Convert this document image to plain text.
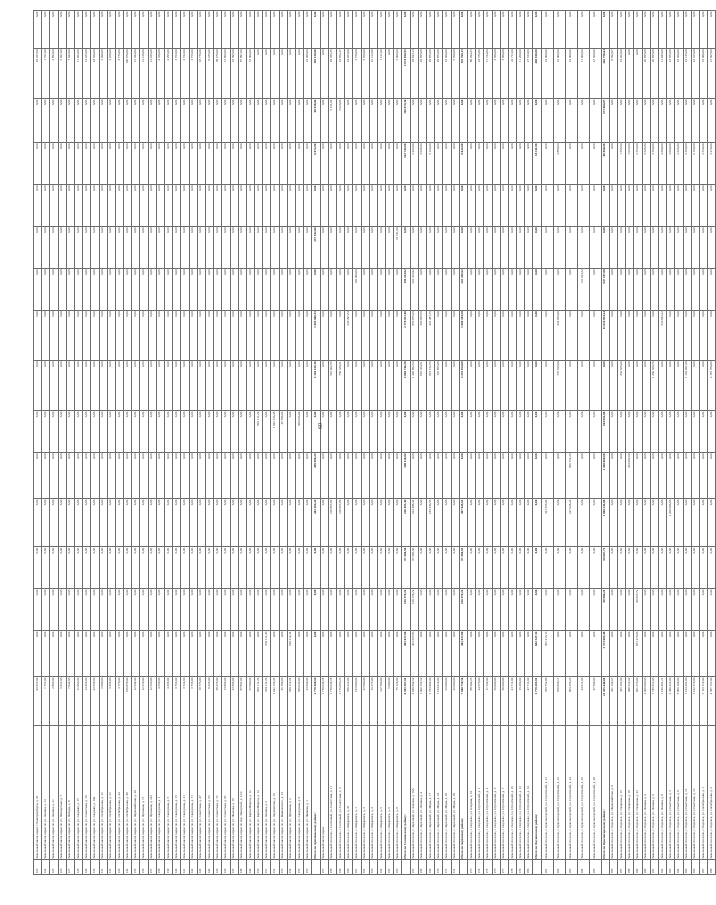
123	Земельный налог вадал г. Екатеринбурга, д. 41	93 457,00	0,00	0,00	0,00	0,00	0,00	0,00	0,00	0,00	0,00	0,00	0,00	0,00	0,00	93 457,00	0,00
124	Земельный налог вадал по ул. Ленина, д. 13	1 761,00	0,00	0,00	0,00	0,00	0,00	0,00	0,00	0,00	0,00	0,00	0,00	0,00	0,00	1 761,00	0,00
125	Земельный налог вадал по ул. Ленина, д. 21	2 893,00	0,00	0,00	0,00	0,00	0,00	0,00	0,00	0,00	0,00	0,00	0,00	0,00	0,00	2 893,00	0,00
126	Земельный налог вадал по ул. Пионерская, д. 7	5 061,00	0,00	0,00	0,00	0,00	0,00	0,00	0,00	0,00	0,00	0,00	0,00	0,00	0,00	5 061,00	0,00
127	Земельный налог вадал по ул. Победы, д. 9	7 042,00	0,00	0,00	0,00	0,00	0,00	0,00	0,00	0,00	0,00	0,00	0,00	0,00	0,00	7 042,00	0,00
128	Земельный налог вадал по ул. Садовая, д. 15	11 963,00	0,00	0,00	0,00	0,00	0,00	0,00	0,00	0,00	0,00	0,00	0,00	0,00	0,00	11 963,00	0,00
129	Земельный налог вадал по ул. Советская, д. 10	14 465,00	0,00	0,00	0,00	0,00	0,00	0,00	0,00	0,00	0,00	0,00	0,00	0,00	0,00	14 465,00	0,00
130	Земельный налог вадал по ул. Садовая, д. 19а	43 560,00	0,00	0,00	0,00	0,00	0,00	0,00	0,00	0,00	0,00	0,00	0,00	0,00	0,00	43 560,00	0,00
131	Земельный налог вадал по ул. Октябрьская, д. 12	2 690,00	0,00	0,00	0,00	0,00	0,00	0,00	0,00	0,00	0,00	0,00	0,00	0,00	0,00	2 690,00	0,00
132	Земельный налог вадал по ул. Октябрьская, д. 22	3 450,00	0,00	0,00	0,00	0,00	0,00	0,00	0,00	0,00	0,00	0,00	0,00	0,00	0,00	3 450,00	0,00
133	Земельный налог вадал по ул. Октябрьская, д. 44	3 776,00	0,00	0,00	0,00	0,00	0,00	0,00	0,00	0,00	0,00	0,00	0,00	0,00	0,00	3 776,00	0,00
134	Земельный налог вадал по ул. Октябрьская, д. 48	106 879,00	0,00	0,00	0,00	0,00	0,00	0,00	0,00	0,00	0,00	0,00	0,00	0,00	0,00	106 879,00	0,00
135	Земельный налог вадал по ул. Первомайская, д. 29	12 644,00	0,00	0,00	0,00	0,00	0,00	0,00	0,00	0,00	0,00	0,00	0,00	0,00	0,00	12 644,00	0,00
136	Земельный налог вадал по ул. Пушкина, д. 17	12 219,00	0,00	0,00	0,00	0,00	0,00	0,00	0,00	0,00	0,00	0,00	0,00	0,00	0,00	12 219,00	0,00
137	Земельный налог вадал по ул. Пушкина, д. 223	12 266,00	0,00	0,00	0,00	0,00	0,00	0,00	0,00	0,00	0,00	0,00	0,00	0,00	0,00	12 266,00	0,00
138	Земельный налог вадал по ул. Свердлова, д. 1	4 350,00	0,00	0,00	0,00	0,00	0,00	0,00	0,00	0,00	0,00	0,00	0,00	0,00	0,00	4 350,00	0,00
139	Земельный налог вадал по ул. Свердлова, д. 5	4 295,00	0,00	0,00	0,00	0,00	0,00	0,00	0,00	0,00	0,00	0,00	0,00	0,00	0,00	4 295,00	0,00
140	Земельный налог вадал по ул. Свердлова, д. 15	3 763,00	0,00	0,00	0,00	0,00	0,00	0,00	0,00	0,00	0,00	0,00	0,00	0,00	0,00	3 763,00	0,00
141	Земельный налог вадал по ул. Свердлова, д. 21	3 722,00	0,00	0,00	0,00	0,00	0,00	0,00	0,00	0,00	0,00	0,00	0,00	0,00	0,00	3 722,00	0,00
142	Земельный налог вадал по ул. Свердлова, д. 71	3 755,00	0,00	0,00	0,00	0,00	0,00	0,00	0,00	0,00	0,00	0,00	0,00	0,00	0,00	3 755,00	0,00
143	Земельный налог вадал по ул. Советская, д. 47	18 776,00	0,00	0,00	0,00	0,00	0,00	0,00	0,00	0,00	0,00	0,00	0,00	0,00	0,00	18 776,00	0,00
144	Земельный налог вадал по ул. Советская, д. 63	8 435,00	0,00	0,00	0,00	0,00	0,00	0,00	0,00	0,00	0,00	0,00	0,00	0,00	0,00	8 435,00	0,00
145	Земельный налог вадал по ул. Советская, д. 72	38 476,00	0,00	0,00	0,00	0,00	0,00	0,00	0,00	0,00	0,00	0,00	0,00	0,00	0,00	38 476,00	0,00
146	Земельный налог вадал по ул. Советская, д. 82	13 800,00	0,00	0,00	0,00	0,00	0,00	0,00	0,00	0,00	0,00	0,00	0,00	0,00	0,00	13 800,00	0,00
147	Земельный налог вадал по ул. Чкалова, д. 10	23 695,00	0,00	0,00	0,00	0,00	0,00	0,00	0,00	0,00	0,00	0,00	0,00	0,00	0,00	23 695,00	0,00
148	Земельный налог вадал по пер. Заводской, д. 12/4	87 991,00	0,00	0,00	0,00	0,00	0,00	0,00	0,00	0,00	0,00	0,00	0,00	0,00	0,00	87 991,00	0,00
149	Земельный налог вадал по ул. Карла Маркса, д. 12	67 000,00	0,00	0,00	0,00	0,00	0,00	0,00	0,00	0,00	0,00	0,00	0,00	0,00	0,00	67 000,00	0,00
150	Земельный налог вадал по ул. Карла Маркса, д. 14	803 111,20	0,00	0,00	0,00	0,00	0,00	803 111,20	0,00	0,00	0,00	0,00	0,00	0,00	0,00	0,00	0,00
151	Земельный налог вадал по ул. Ленина, д. 6	654 111,20	654 111,20	0,00	0,00	0,00	0,00	0,00	0,00	0,00	0,00	0,00	0,00	0,00	0,00	0,00	0,00
152	Земельный налог вадал по ул. Лермонтова, д. 16	1 022 136,45	0,00	0,00	0,00	0,00	0,00	1 022 136,45	0,00	0,00	0,00	0,00	0,00	0,00	0,00	0,00	0,00
153	Земельный налог вадал по ул. Маяковского, д. 14	45 700,00	0,00	0,00	0,00	0,00	0,00	45 700,00	0,00	0,00	0,00	0,00	0,00	0,00	0,00	0,00	0,00
154	Земельный налог вадал по ул. Пушкина, д. 2	629 112,24	629 112,24	0,00	0,00	0,00	0,00	0,00	0,00	0,00	0,00	0,00	0,00	0,00	0,00	0,00	0,00
155	Земельный налог вадал по ул. Свердлова, д. 6	500 036,00	0,00	0,00	0,00	0,00	0,00	500 036,00	0,00	0,00	0,00	0,00	0,00	0,00	0,00	0,00	0,00
156	Земельный налог вадал по ул. Чапаева, д. 1	23 069,00	0,00	0,00	0,00	0,00	0,00	0,00	0,00	0,00	0,00	0,00	0,00	0,00	0,00	23 069,00	0,00
	Итого по Артемовскому району:	2 778 568,94	0,00	0,00	0,00	442 204,24	289 998,24	0,00	2 194 120,10	1 495 960,25	0,00	237 912,69	0,00	6 072,00	68 930,00	195 130,00	0,00
157	Земельный налог вадал	1 770 045,18	0,00	0,00	0,00	0,00	0,00	0,00	0,00	0,00	0,00	0,00	0,00	0,00	0,00	0,00	0,00
158	Земельный поселок, г. Сосновый, ул. Советская, д. 11	1 770 045,18	0,00	0,00	0,00	210 867,80	0,00	0,00	510 922,56	0,00	0,00	0,00	0,00	0,00	3 151,00	29 355,35	0,00
159	Земельный поселок, г. Сосновый, ул. Советская, д. 3	1 175 063,26	0,00	0,00	0,00	210 867,80	0,00	0,00	759 330,51	0,00	0,00	0,00	0,00	0,00	3 026,00	24 852,27	0,00
160	Земельный поселок, г. Шадринск, д. 41	709 223,00	0,00	0,00	0,00	0,00	0,00	0,00	0,00	245 297,33	0,00	0,00	0,00	0,00	0,00	24 463,00	0,00
161	Земельный поселок, г. Шадринск, д. 1	163 000,00	0,00	0,00	0,00	0,00	0,00	0,00	0,00	0,00	120 000,00	0,00	0,00	0,00	0,00	3 750,00	0,00
162	Земельный поселок, г. Шадринск, д. 3	27 000,00	0,00	0,00	0,00	0,00	0,00	0,00	0,00	0,00	0,00	0,00	0,00	0,00	0,00	5 700,00	0,00
163	Земельный поселок, г. Шадринск, д. 4	16 275,00	0,00	0,00	0,00	0,00	0,00	0,00	0,00	0,00	0,00	0,00	0,00	0,00	0,00	10 212,00	0,00
164	Земельный поселок, г. Шадринск, д. 5	112 700,00	0,00	0,00	0,00	0,00	0,00	0,00	0,00	0,00	0,00	0,00	0,00	0,00	0,00	1 121,00	0,00
165	Земельный поселок, г. Шадринск, д. 6	5 000,00	0,00	0,00	0,00	0,00	0,00	0,00	0,00	0,00	0,00	0,00	0,00	0,00	0,00	0,00	0,00
166	Земельный поселок, г. Шадринск, д. 8	75 125,00	0,00	0,00	0,00	0,00	0,00	0,00	0,00	0,00	0,00	72 511,00	0,00	0,00	0,00	5 000,00	0,00
	Итого по Сосновскому району:	6 503 367,81	461 637,06	128 179,22	87 496,50	220 495,44	580 116,84	0,00	2 804 746,38	2 178 931,40	130 414,92	0,00	0,00	122 745,00	116 974,36	2 074 950,95	0,00
167	Земельный поселок, г. Заречный, ул. Кирова, д. 15А	3 039 592,52	461 637,06	128 179,22	87 496,50	223 498,42	0,00	0,00	1 493 862,53	853 876,26	225 416,92	0,00	0,00	2 443,00	0,00	29 843,13	0,00
168	Земельный поселок, г. Заречный, ул. Ленина, д. 4	1 002 152,52	0,00	0,00	0,00	0,00	0,00	0,00	825 324,51	593 826,56	0,00	0,00	0,00	3 046,00	0,00	29 855,00	0,00
169	Земельный поселок, г. Заречный, ул. Мира, д. 17	1 763 992,00	0,00	0,00	0,00	183 530,50	0,00	0,00	823 152,56	461 481,76	0,00	0,00	0,00	3 133,00	0,00	29 855,00	0,00
170	Земельный поселок, г. Заречный, ул. Мира, д. 24	1 164 014,00	0,00	0,00	0,00	0,00	0,00	0,00	110 855,00	0,00	0,00	0,00	0,00	0,00	0,00	29 855,00	0,00
171	Земельный поселок, г. Заречный, ул. Мира, д. 26	53 000,00	0,00	0,00	0,00	0,00	0,00	0,00	0,00	0,00	0,00	0,00	0,00	0,00	0,00	10 600,00	0,00
172	Земельный поселок, г. Заречный, ул. Мира, д. 29	26 000,00	0,00	0,00	0,00	0,00	0,00	0,00	0,00	0,00	0,00	0,00	0,00	0,00	0,00	5 700,00	0,00
	Итого по Заречному району:	7 048 758,56	461 637,06	128 179,22	87 496,50	407 028,92	0,00	0,00	3 253 194,60	1 909 184,58	225 416,92	0,00	0,00	8 622,00	0,00	135 708,13	0,00
173	Земельный поселок, г. Окунево, ул. Озерная, д. 10	88 294,25	0,00	0,00	0,00	0,00	0,00	0,00	0,00	0,00	0,00	0,00	0,00	0,00	0,00	88 294,25	0,00
174	Земельный поселок, г. Окунево, ул. Строителей, д. 1	24 576,00	0,00	0,00	0,00	0,00	0,00	0,00	0,00	0,00	0,00	0,00	0,00	0,00	0,00	24 576,00	0,00
175	Земельный поселок, г. Окунево, ул. Строителей, д. 2	11 724,00	0,00	0,00	0,00	0,00	0,00	0,00	0,00	0,00	0,00	0,00	0,00	0,00	0,00	11 724,00	0,00
176	Земельный поселок, г. Окунево, ул. Строителей, д. 5	36 000,00	0,00	0,00	0,00	0,00	0,00	0,00	0,00	0,00	0,00	0,00	0,00	0,00	0,00	3 660,00	0,00
177	Земельный поселок, г. Окунево, ул. Строителей, д. 7	69 000,00	0,00	0,00	0,00	0,00	0,00	0,00	0,00	0,00	0,00	0,00	0,00	0,00	0,00	3 060,00	0,00
178	Земельный поселок, г. Окунево, ул. Строителей, д. 10	41 711,00	0,00	0,00	0,00	0,00	0,00	0,00	0,00	0,00	0,00	0,00	0,00	0,00	0,00	41 711,00	0,00
179	Земельный поселок, г. Окунево, ул. Строителей, д. 12	16 200,00	0,00	0,00	0,00	0,00	0,00	0,00	0,00	0,00	0,00	0,00	0,00	0,00	0,00	11 200,00	0,00
180	Земельный поселок, г. Окунево, ул. Строителей, д. 14	47 711,00	0,00	0,00	0,00	0,00	0,00	0,00	0,00	0,00	0,00	0,00	0,00	0,00	0,00	27 613,00	0,00
	Итого по Окуневскому району:	3 778 205,81	602 347,34	0,00	0,00	0,00	0,00	0,00	0,00	0,00	0,00	0,00	0,00	18 111,00	0,00	208 810,08	0,00
181	Земельный поселок, г. Красногорский, ул. Строителей, д. 21	783 752,08	307 215,13	0,00	0,00	321 355,94	0,00	0,00	0,00	0,00	0,00	0,00	0,00	0,00	0,00	10 000,00	0,00
182	Земельный поселок, г. Красногорский, ул. Строителей, д. 22	810 830,17	0,00	0,00	0,00	0,00	0,00	0,00	776 106,00	432 936,00	0,00	0,00	0,00	3 880,00	0,00	10 000,00	0,00
183	Земельный поселок, г. Красногорский, ул. Строителей, д. 24	803 456,22	0,00	0,00	0,00	227 028,24	600 732,20	0,00	0,00	0,00	0,00	0,00	0,00	0,00	0,00	10 000,00	0,00
184	Земельный поселок, г. Красногорский, ул. Строителей, д. 26	44 911,00	0,00	0,00	0,00	0,00	0,00	0,00	0,00	0,00	131 913,22	0,00	0,00	0,00	0,00	11 000,00	0,00
185	Земельный поселок, г. Красногорский, ул. Строителей, д. 28	47 500,00	0,00	0,00	0,00	0,00	0,00	0,00	0,00	0,00	0,00	0,00	0,00	0,00	0,00	47 500,00	0,00
	Итого по Красногорскому району:	21 455 446,69	3 373 085,40	90 989,21	99 667,72	1 068 242,80	1 208 000,00	104 992,80	0,00	11 054 834,24	947 107,08	0,00	0,00	80 096,00	271 004,87	202 756,64	0,00
186	Земельный поселок, г. Боровск, ул. Первомайская, д. 9	431 142,07	0,00	0,00	0,00	0,00	0,00	0,00	0,00	0,00	0,00	0,00	0,00	0,00	0,00	8 592,07	0,00
187	Земельный поселок, г. Боровск, ул. Гагарина, д. 16	455 182,00	0,00	0,00	0,00	0,00	0,00	0,00	434 625,00	0,00	0,00	0,00	0,00	1 355,00	0,00	19 203,00	0,00
188	Земельный поселок, г. Боровск, ул. Гагарина, д. 18	408 522,02	0,00	0,00	0,00	0,00	264 092,00	0,00	0,00	0,00	0,00	0,00	0,00	1 023,00	0,00	0,00	0,00
189	Земельный поселок, г. Боровск, ул. Гагарина, д. 22	931 276,00	931 276,00	99 667,72	0,00	0,00	0,00	0,00	0,00	0,00	0,00	0,00	0,00	2 553,00	0,00	0,00	0,00
190	Земельный поселок, г. Боровск, ул. Ленина, д. 4	2 000 000,00	0,00	0,00	0,00	0,00	0,00	0,00	0,00	0,00	0,00	0,00	0,00	3 645,00	0,00	20 855,00	0,00
191	Земельный поселок, г. Боровск, ул. Ленина, д. 6	1 745 651,00	0,00	0,00	0,00	0,00	0,00	0,00	1 459 320,76	0,00	0,00	0,00	0,00	3 360,00	0,00	20 855,00	0,00
192	Земельный поселок, г. Боровск, ул. Ленина, д. 8	1 190 491,21	0,00	0,00	0,00	0,00	0,00	0,00	0,00	610 842,22	0,00	0,00	0,00	4 590,00	0,00	12 845,00	0,00
193	Земельный поселок, г. Боровск, ул. Советская, д. 3	2 390 423,00	0,00	0,00	0,00	1 200 000,00	0,00	0,00	0,00	0,00	0,00	0,00	0,00	3 060,00	0,00	23 855,00	0,00
194	Земельный поселок, г. Боровск, ул. Советская, д. 9	3 905 100,00	0,00	0,00	0,00	0,00	0,00	0,00	0,00	0,00	0,00	0,00	0,00	2 525,00	0,00	10 500,00	0,00
195	Земельный поселок, г. Боровск, ул. Советская, д. 11	1 164 201,00	0,00	0,00	0,00	0,00	0,00	0,00	1 164 201,00	0,00	0,00	0,00	0,00	3 360,00	0,00	23 135,00	0,00
196	Земельный поселок, г. Боровск, ул. Советская, д. 13	1 102 376,00	0,00	0,00	0,00	0,00	0,00	0,00	0,00	0,00	0,00	0,00	0,00	2 160,00	0,00	22 015,00	0,00
197	Земельный поселок, г. Боровск, ул. Октябрьская, д. 1	1 115 112,00	0,00	0,00	0,00	0,00	0,00	0,00	0,00	0,00	0,00	0,00	0,00	2 550,00	0,00	19 000,00	0,00
198	Земельный поселок, г. Боровск, ул. Октябрьская, д. 3	2 387 151,00	0,00	0,00	0,00	0,00	0,00	0,00	2 181 780,00	0,00	0,00	0,00	0,00	3 270,00	0,00	27 507,00	0,00
60
